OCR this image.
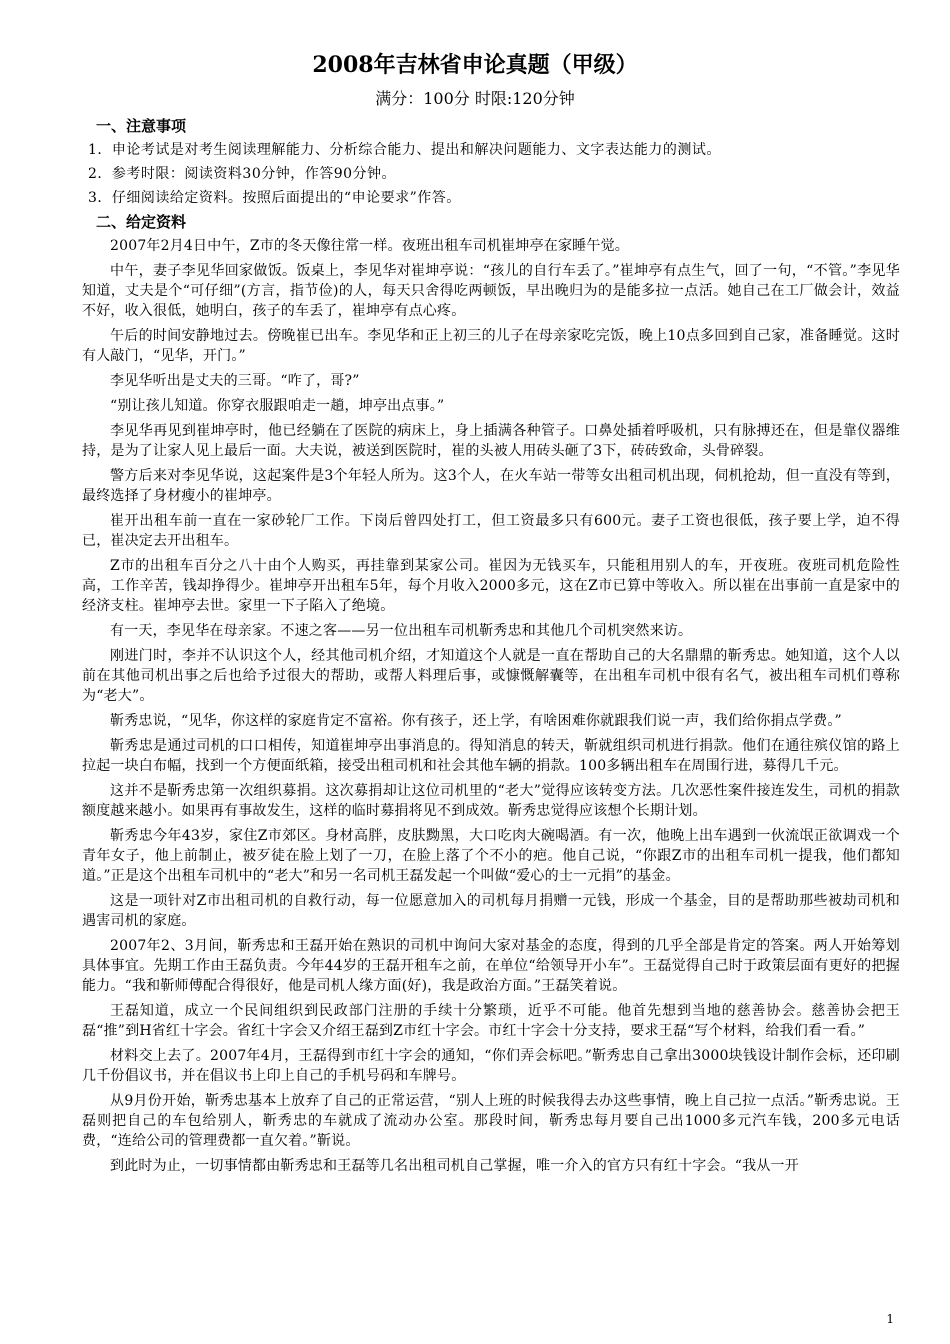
2008年吉林省申论真题（甲级）
满分：100分 时限:120分钟
一、注意事项
1．申论考试是对考生阅读理解能力、分析综合能力、提出和解决问题能力、文字表达能力的测试。
2．参考时限：阅读资料30分钟，作答90分钟。
3．仔细阅读给定资料。按照后面提出的“申论要求”作答。
二、给定资料

2007年2月4日中午，Z市的冬天像往常一样。夜班出租车司机崔坤亭在家睡午觉。

中午，妻子李见华回家做饭。饭桌上，李见华对崔坤亭说：“孩儿的自行车丢了。”崔坤亭有点生气，回了一句，“不管。”李见华知道，丈夫是个“可仔细”(方言，指节俭)的人，每天只舍得吃两顿饭，早出晚归为的是能多拉一点活。她自己在工厂做会计，效益不好，收入很低，她明白，孩子的车丢了，崔坤亭有点心疼。

午后的时间安静地过去。傍晚崔已出车。李见华和正上初三的儿子在母亲家吃完饭，晚上10点多回到自己家，准备睡觉。这时有人敲门，“见华，开门。”

李见华听出是丈夫的三哥。“咋了，哥?”

“别让孩儿知道。你穿衣服跟咱走一趟，坤亭出点事。”

李见华再见到崔坤亭时，他已经躺在了医院的病床上，身上插满各种管子。口鼻处插着呼吸机，只有脉搏还在，但是靠仪器维持，是为了让家人见上最后一面。大夫说，被送到医院时，崔的头被人用砖头砸了3下，砖砖致命，头骨碎裂。

警方后来对李见华说，这起案件是3个年轻人所为。这3个人，在火车站一带等女出租司机出现，伺机抢劫，但一直没有等到，最终选择了身材瘦小的崔坤亭。

崔开出租车前一直在一家砂轮厂工作。下岗后曾四处打工，但工资最多只有600元。妻子工资也很低，孩子要上学，迫不得已，崔决定去开出租车。

Z市的出租车百分之八十由个人购买，再挂靠到某家公司。崔因为无钱买车，只能租用别人的车，开夜班。夜班司机危险性高，工作辛苦，钱却挣得少。崔坤亭开出租车5年，每个月收入2000多元，这在Z市已算中等收入。所以崔在出事前一直是家中的经济支柱。崔坤亭去世。家里一下子陷入了绝境。

有一天，李见华在母亲家。不速之客——另一位出租车司机靳秀忠和其他几个司机突然来访。

刚进门时，李并不认识这个人，经其他司机介绍，才知道这个人就是一直在帮助自己的大名鼎鼎的靳秀忠。她知道，这个人以前在其他司机出事之后也给予过很大的帮助，或帮人料理后事，或慷慨解囊等，在出租车司机中很有名气，被出租车司机们尊称为“老大”。

靳秀忠说，“见华，你这样的家庭肯定不富裕。你有孩子，还上学，有啥困难你就跟我们说一声，我们给你捐点学费。”

靳秀忠是通过司机的口口相传，知道崔坤亭出事消息的。得知消息的转天，靳就组织司机进行捐款。他们在通往殡仪馆的路上拉起一块白布幅，找到一个方便面纸箱，接受出租司机和社会其他车辆的捐款。100多辆出租车在周围行进，募得几千元。

这并不是靳秀忠第一次组织募捐。这次募捐却让这位司机里的“老大”觉得应该转变方法。几次恶性案件接连发生，司机的捐款额度越来越小。如果再有事故发生，这样的临时募捐将见不到成效。靳秀忠觉得应该想个长期计划。

靳秀忠今年43岁，家住Z市郊区。身材高胖，皮肤黝黑，大口吃肉大碗喝酒。有一次，他晚上出车遇到一伙流氓正欲调戏一个青年女子，他上前制止，被歹徒在脸上划了一刀，在脸上落了个不小的疤。他自己说，“你跟Z市的出租车司机一提我，他们都知道。”正是这个出租车司机中的“老大”和另一名司机王磊发起一个叫做“爱心的士一元捐”的基金。

这是一项针对Z市出租司机的自救行动，每一位愿意加入的司机每月捐赠一元钱，形成一个基金，目的是帮助那些被劫司机和遇害司机的家庭。

2007年2、3月间，靳秀忠和王磊开始在熟识的司机中询问大家对基金的态度，得到的几乎全部是肯定的答案。两人开始筹划具体事宜。先期工作由王磊负责。今年44岁的王磊开租车之前，在单位“给领导开小车”。王磊觉得自己时于政策层面有更好的把握能力。“我和靳师傅配合得很好，他是司机人缘方面(好)，我是政治方面。”王磊笑着说。

王磊知道，成立一个民间组织到民政部门注册的手续十分繁琐，近乎不可能。他首先想到当地的慈善协会。慈善协会把王磊“推”到H省红十字会。省红十字会又介绍王磊到Z市红十字会。市红十字会十分支持，要求王磊“写个材料，给我们看一看。”

材料交上去了。2007年4月，王磊得到市红十字会的通知，“你们弄会标吧。”靳秀忠自己拿出3000块钱设计制作会标，还印刷几千份倡议书，并在倡议书上印上自己的手机号码和车牌号。

从9月份开始，靳秀忠基本上放弃了自己的正常运营，“别人上班的时候我得去办这些事情，晚上自己拉一点活。”靳秀忠说。王磊则把自己的车包给别人，靳秀忠的车就成了流动办公室。那段时间，靳秀忠每月要自己出1000多元汽车钱，200多元电话费，“连给公司的管理费都一直欠着。”靳说。

到此时为止，一切事情都由靳秀忠和王磊等几名出租司机自己掌握，唯一介入的官方只有红十字会。“我从一开

1
